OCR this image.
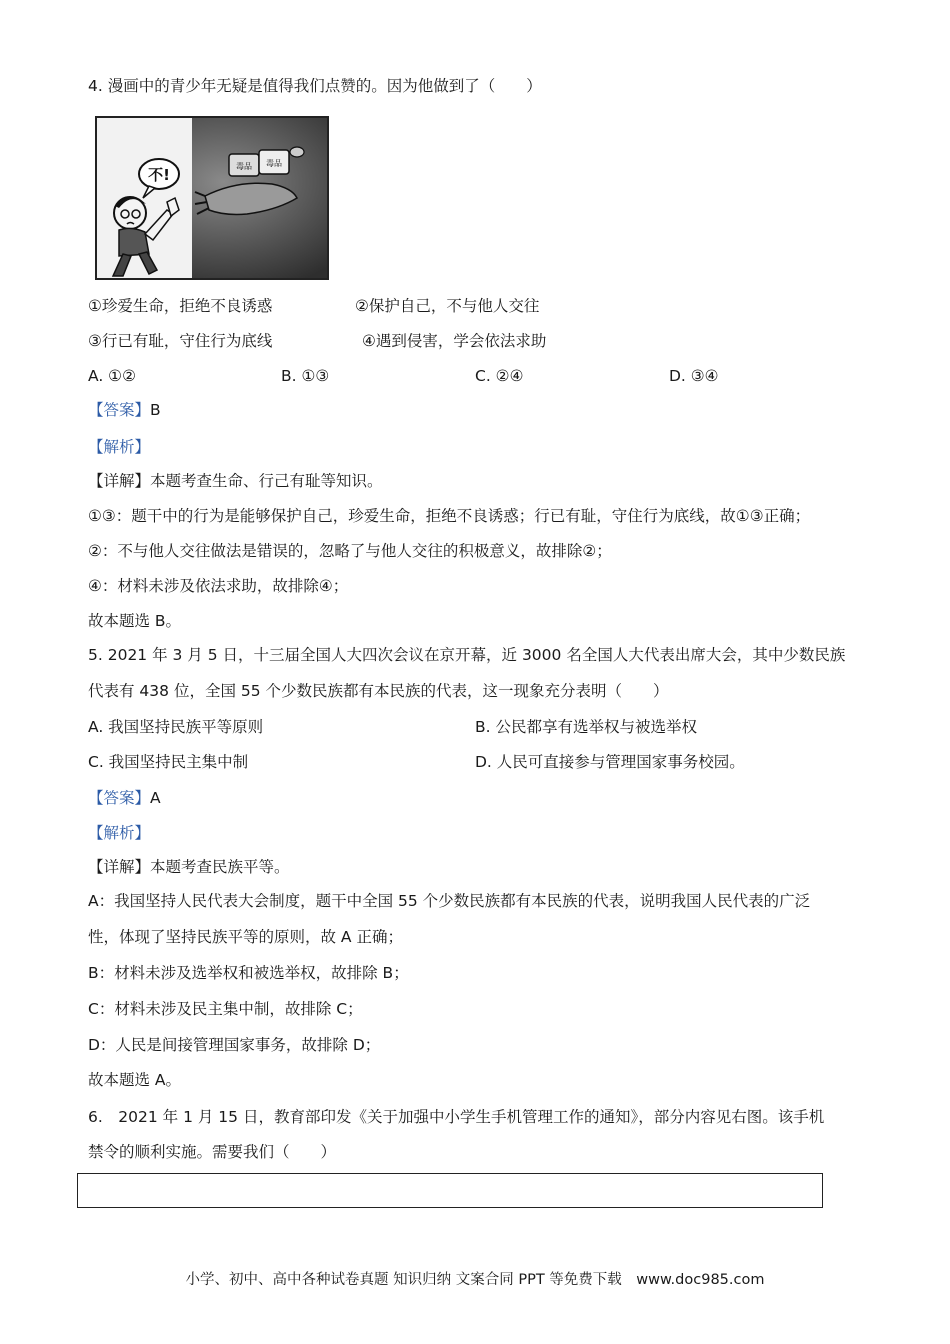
4. 漫画中的青少年无疑是值得我们点赞的。因为他做到了（　　）
不!	毒品 毒品
①珍爱生命，拒绝不良诱惑	②保护自己，不与他人交往
③行已有耻，守住行为底线	④遇到侵害，学会依法求助
A. ①②	B. ①③	C. ②④	D. ③④
【答案】B
【解析】
【详解】本题考查生命、行己有耻等知识。
①③：题干中的行为是能够保护自己，珍爱生命，拒绝不良诱惑；行已有耻，守住行为底线，故①③正确；
②：不与他人交往做法是错误的，忽略了与他人交往的积极意义，故排除②；
④：材料未涉及依法求助，故排除④；
故本题选 B。
5. 2021 年 3 月 5 日，十三届全国人大四次会议在京开幕，近 3000 名全国人大代表出席大会，其中少数民族
代表有 438 位，全国 55 个少数民族都有本民族的代表，这一现象充分表明（　　）
A. 我国坚持民族平等原则	B. 公民都享有选举权与被选举权
C. 我国坚持民主集中制	D. 人民可直接参与管理国家事务校园。
【答案】A
【解析】
【详解】本题考查民族平等。
A：我国坚持人民代表大会制度，题干中全国 55 个少数民族都有本民族的代表，说明我国人民代表的广泛
性，体现了坚持民族平等的原则，故 A 正确；
B：材料未涉及选举权和被选举权，故排除 B；
C：材料未涉及民主集中制，故排除 C；
D：人民是间接管理国家事务，故排除 D；
故本题选 A。
6.　2021 年 1 月 15 日，教育部印发《关于加强中小学生手机管理工作的通知》，部分内容见右图。该手机
禁令的顺利实施。需要我们（　　）
小学、初中、高中各种试卷真题 知识归纳 文案合同 PPT 等免费下载　www.doc985.com
